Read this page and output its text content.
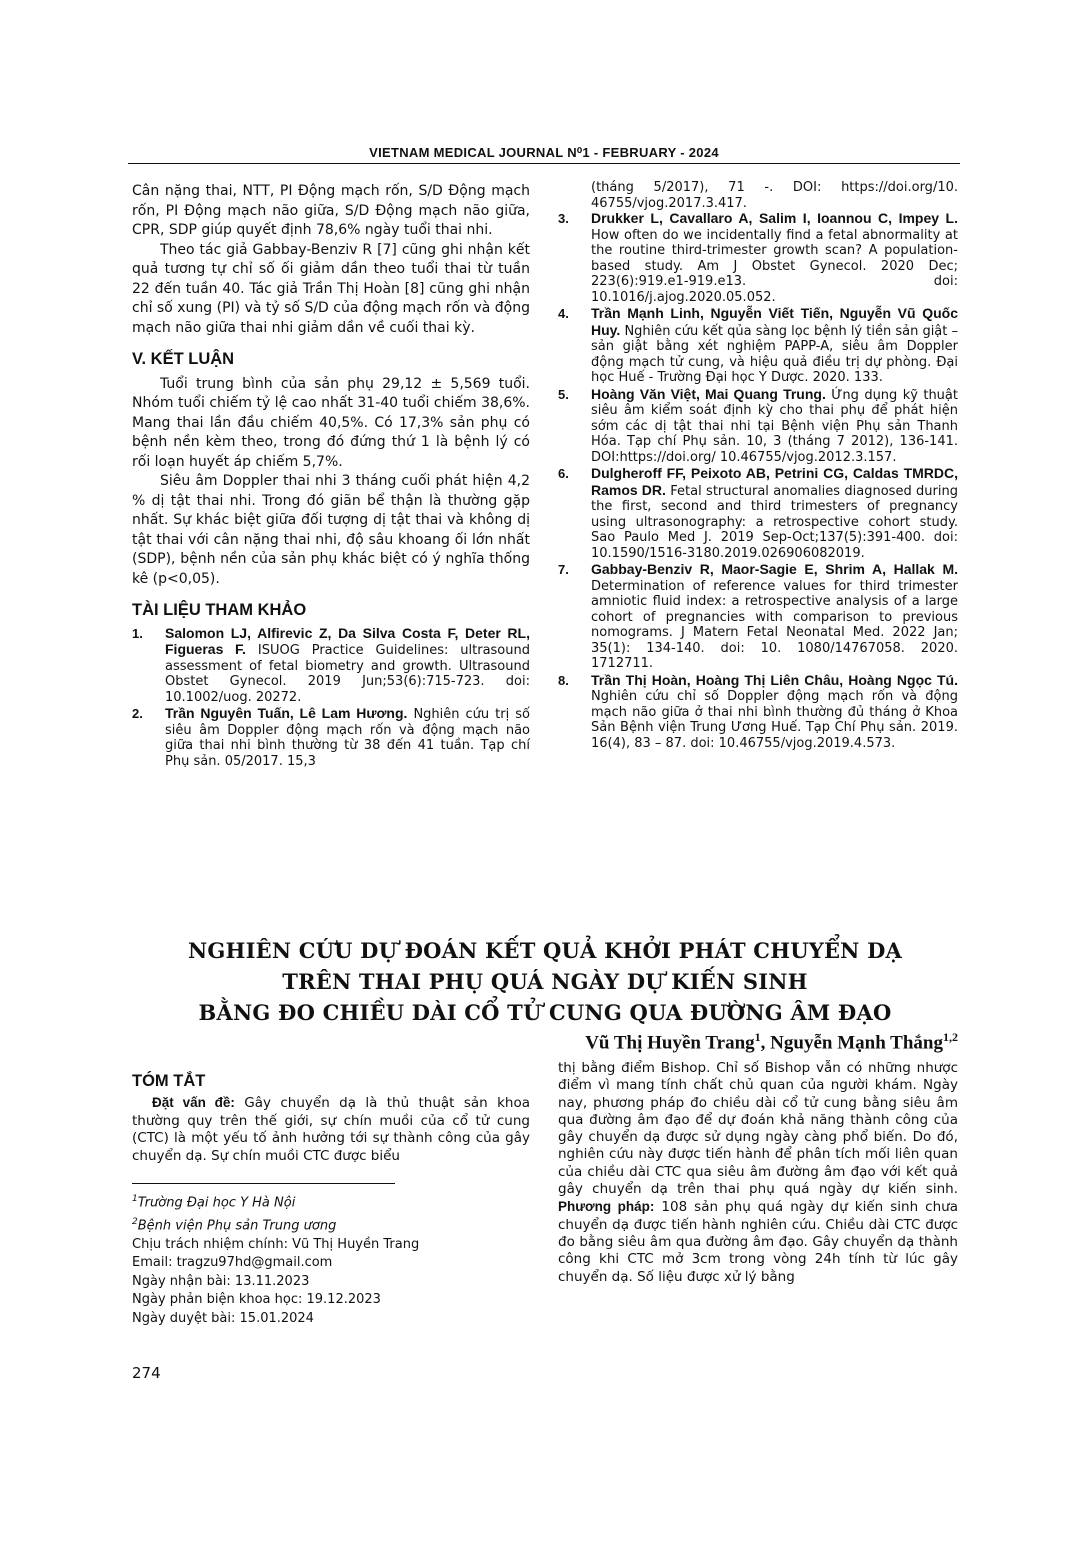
VIETNAM MEDICAL JOURNAL N⁰1 - FEBRUARY - 2024

Cân nặng thai, NTT, PI Động mạch rốn, S/D Động mạch rốn, PI Động mạch não giữa, S/D Động mạch não giữa, CPR, SDP giúp quyết định 78,6% ngày tuổi thai nhi.

Theo tác giả Gabbay-Benziv R [7] cũng ghi nhận kết quả tương tự chỉ số ối giảm dần theo tuổi thai từ tuần 22 đến tuần 40. Tác giả Trần Thị Hoàn [8] cũng ghi nhận chỉ số xung (PI) và tỷ số S/D của động mạch rốn và động mạch não giữa thai nhi giảm dần về cuối thai kỳ.

V. KẾT LUẬN

Tuổi trung bình của sản phụ 29,12 ± 5,569 tuổi. Nhóm tuổi chiếm tỷ lệ cao nhất 31-40 tuổi chiếm 38,6%. Mang thai lần đầu chiếm 40,5%. Có 17,3% sản phụ có bệnh nền kèm theo, trong đó đứng thứ 1 là bệnh lý có rối loạn huyết áp chiếm 5,7%.

Siêu âm Doppler thai nhi 3 tháng cuối phát hiện 4,2 % dị tật thai nhi. Trong đó giãn bể thận là thường gặp nhất. Sự khác biệt giữa đối tượng dị tật thai và không dị tật thai với cân nặng thai nhi, độ sâu khoang ối lớn nhất (SDP), bệnh nền của sản phụ khác biệt có ý nghĩa thống kê (p<0,05).

TÀI LIỆU THAM KHẢO
1.	Salomon LJ, Alfirevic Z, Da Silva Costa F, Deter RL, Figueras F. ISUOG Practice Guidelines: ultrasound assessment of fetal biometry and growth. Ultrasound Obstet Gynecol. 2019 Jun;53(6):715-723. doi: 10.1002/uog. 20272.
2.	Trần Nguyên Tuấn, Lê Lam Hương. Nghiên cứu trị số siêu âm Doppler động mạch rốn và động mạch não giữa thai nhi bình thường từ 38 đến 41 tuần. Tạp chí Phụ sản. 05/2017. 15,3
(tháng 5/2017), 71 -. DOI: https://doi.org/10. 46755/vjog.2017.3.417.
3.	Drukker L, Cavallaro A, Salim I, Ioannou C, Impey L. How often do we incidentally find a fetal abnormality at the routine third-trimester growth scan? A population-based study. Am J Obstet Gynecol. 2020 Dec; 223(6):919.e1-919.e13. doi: 10.1016/j.ajog.2020.05.052.
4.	Trần Mạnh Linh, Nguyễn Viết Tiến, Nguyễn Vũ Quốc Huy. Nghiên cứu kết qủa sàng lọc bệnh lý tiền sản giật – sản giật bằng xét nghiệm PAPP-A, siêu âm Doppler động mạch tử cung, và hiệu quả điều trị dự phòng. Đại học Huế - Trường Đại học Y Dược. 2020. 133.
5.	Hoàng Văn Việt, Mai Quang Trung. Ứng dụng kỹ thuật siêu âm kiểm soát định kỳ cho thai phụ để phát hiện sớm các dị tật thai nhi tại Bệnh viện Phụ sản Thanh Hóa. Tạp chí Phụ sản. 10, 3 (tháng 7 2012), 136-141. DOI:https://doi.org/ 10.46755/vjog.2012.3.157.
6.	Dulgheroff FF, Peixoto AB, Petrini CG, Caldas TMRDC, Ramos DR. Fetal structural anomalies diagnosed during the first, second and third trimesters of pregnancy using ultrasonography: a retrospective cohort study. Sao Paulo Med J. 2019 Sep-Oct;137(5):391-400. doi: 10.1590/1516-3180.2019.026906082019.
7.	Gabbay-Benziv R, Maor-Sagie E, Shrim A, Hallak M. Determination of reference values for third trimester amniotic fluid index: a retrospective analysis of a large cohort of pregnancies with comparison to previous nomograms. J Matern Fetal Neonatal Med. 2022 Jan; 35(1): 134-140. doi: 10. 1080/14767058. 2020. 1712711.
8.	Trần Thị Hoàn, Hoàng Thị Liên Châu, Hoàng Ngọc Tú. Nghiên cứu chỉ số Doppler động mạch rốn và động mạch não giữa ở thai nhi bình thường đủ tháng ở Khoa Sản Bệnh viện Trung Ương Huế. Tạp Chí Phụ sản. 2019. 16(4), 83 – 87. doi: 10.46755/vjog.2019.4.573.
NGHIÊN CỨU DỰ ĐOÁN KẾT QUẢ KHỞI PHÁT CHUYỂN DẠ
TRÊN THAI PHỤ QUÁ NGÀY DỰ KIẾN SINH
BẰNG ĐO CHIỀU DÀI CỔ TỬ CUNG QUA ĐƯỜNG ÂM ĐẠO
Vũ Thị Huyền Trang$^1$, Nguyễn Mạnh Thắng$^{1,2}$
TÓM TẮT

Đặt vấn đề: Gây chuyển dạ là thủ thuật sản khoa thường quy trên thế giới, sự chín muồi của cổ tử cung (CTC) là một yếu tố ảnh hưởng tới sự thành công của gây chuyển dạ. Sự chín muồi CTC được biểu

$^1$Trường Đại học Y Hà Nội
$^2$Bệnh viện Phụ sản Trung ương
Chịu trách nhiệm chính: Vũ Thị Huyền Trang
Email: tragzu97hd@gmail.com
Ngày nhận bài: 13.11.2023
Ngày phản biện khoa học: 19.12.2023
Ngày duyệt bài: 15.01.2024
thị bằng điểm Bishop. Chỉ số Bishop vẫn có những nhược điểm vì mang tính chất chủ quan của người khám. Ngày nay, phương pháp đo chiều dài cổ tử cung bằng siêu âm qua đường âm đạo để dự đoán khả năng thành công của gây chuyển dạ được sử dụng ngày càng phổ biến. Do đó, nghiên cứu này được tiến hành để phân tích mối liên quan của chiều dài CTC qua siêu âm đường âm đạo với kết quả gây chuyển dạ trên thai phụ quá ngày dự kiến sinh. Phương pháp: 108 sản phụ quá ngày dự kiến sinh chưa chuyển dạ được tiến hành nghiên cứu. Chiều dài CTC được đo bằng siêu âm qua đường âm đạo. Gây chuyển dạ thành công khi CTC mở 3cm trong vòng 24h tính từ lúc gây chuyển dạ. Số liệu được xử lý bằng
274
